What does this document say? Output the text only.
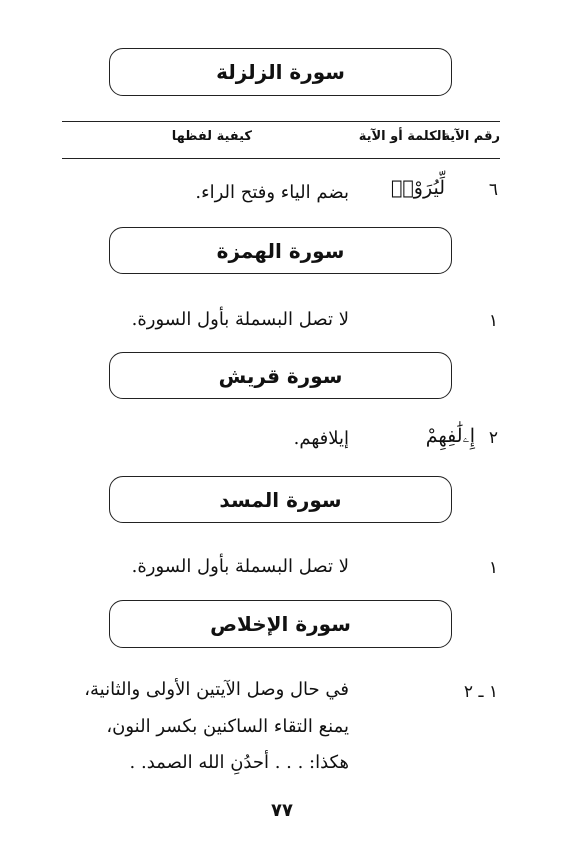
سورة الزلزلة
رقم الآية
الكلمة أو الآية
كيفية لفظها
٦
لِّيُرَوْا۟
بضم الياء وفتح الراء.
سورة الهمزة
١
لا تصل البسملة بأول السورة.
سورة قريش
٢
إِۦلَٰفِهِمْ
إيلافهم.
سورة المسد
١
لا تصل البسملة بأول السورة.
سورة الإخلاص
١ ـ ٢
في حال وصل الآيتين الأولى والثانية،
يمنع التقاء الساكنين بكسر النون،
هكذا: . . . أحدُنِ الله الصمد. .
٧٧
